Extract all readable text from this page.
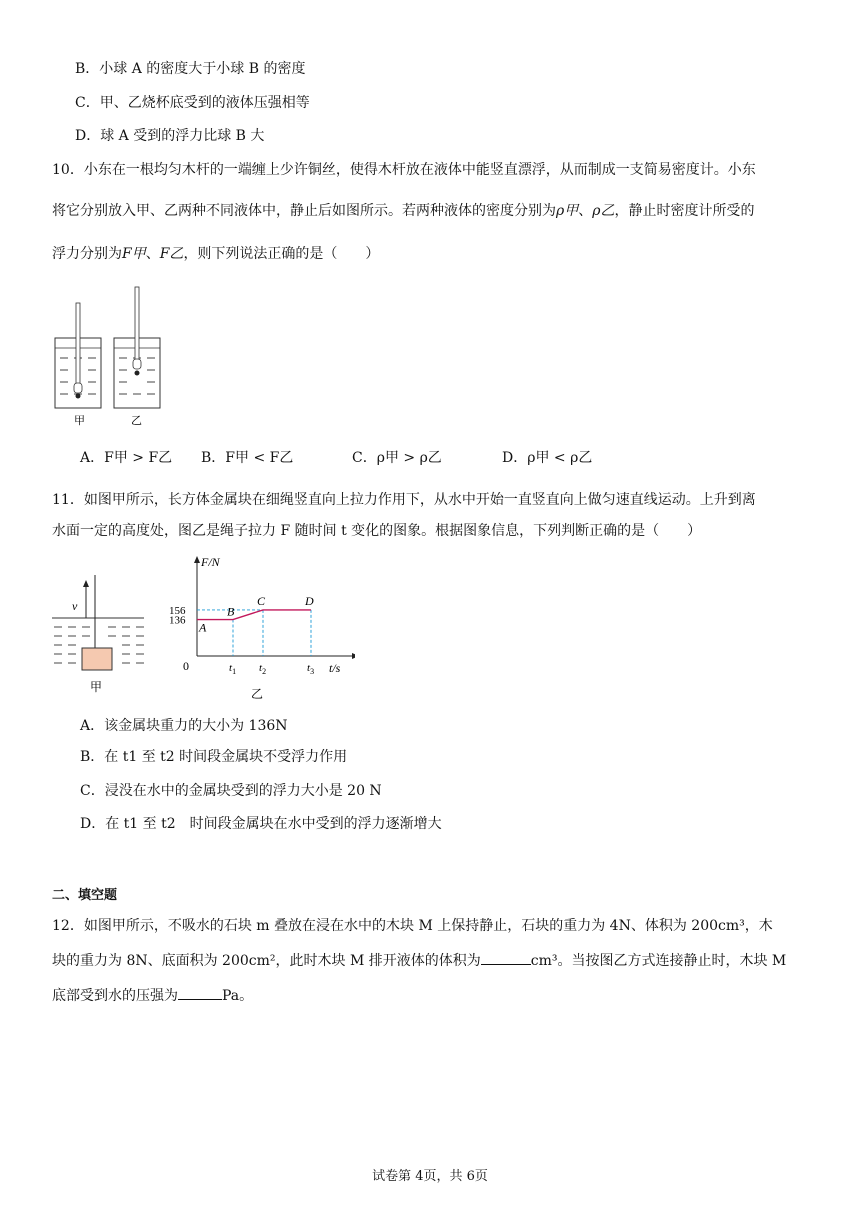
B．小球 A 的密度大于小球 B 的密度
C．甲、乙烧杯底受到的液体压强相等
D．球 A 受到的浮力比球 B 大
10．小东在一根均匀木杆的一端缠上少许铜丝，使得木杆放在液体中能竖直漂浮，从而制成一支简易密度计。小东
将它分别放入甲、乙两种不同液体中，静止后如图所示。若两种液体的密度分别为ρ甲、ρ乙，静止时密度计所受的
浮力分别为F甲、F乙，则下列说法正确的是（　　）
甲	乙
A．F甲 > F乙 B．F甲 < F乙	C．ρ甲 > ρ乙	D．ρ甲 < ρ乙
11．如图甲所示，长方体金属块在细绳竖直向上拉力作用下，从水中开始一直竖直向上做匀速直线运动。上升到离
水面一定的高度处，图乙是绳子拉力 F 随时间 t 变化的图象。根据图象信息，下列判断正确的是（　　）
v
甲
F/N
t/s
0
136
156
$t_1$ $t_2$	$t_3$
A
B
C	D
乙
A．该金属块重力的大小为 136N
B．在 t1 至 t2 时间段金属块不受浮力作用
C．浸没在水中的金属块受到的浮力大小是 20 N
D．在 t1 至 t2　时间段金属块在水中受到的浮力逐渐增大
二、填空题
12．如图甲所示，不吸水的石块 m 叠放在浸在水中的木块 M 上保持静止，石块的重力为 4N、体积为 200cm³，木
块的重力为 8N、底面积为 200cm²，此时木块 M 排开液体的体积为	cm³。当按图乙方式连接静止时，木块 M
底部受到水的压强为	Pa。
试卷第 4页，共 6页
